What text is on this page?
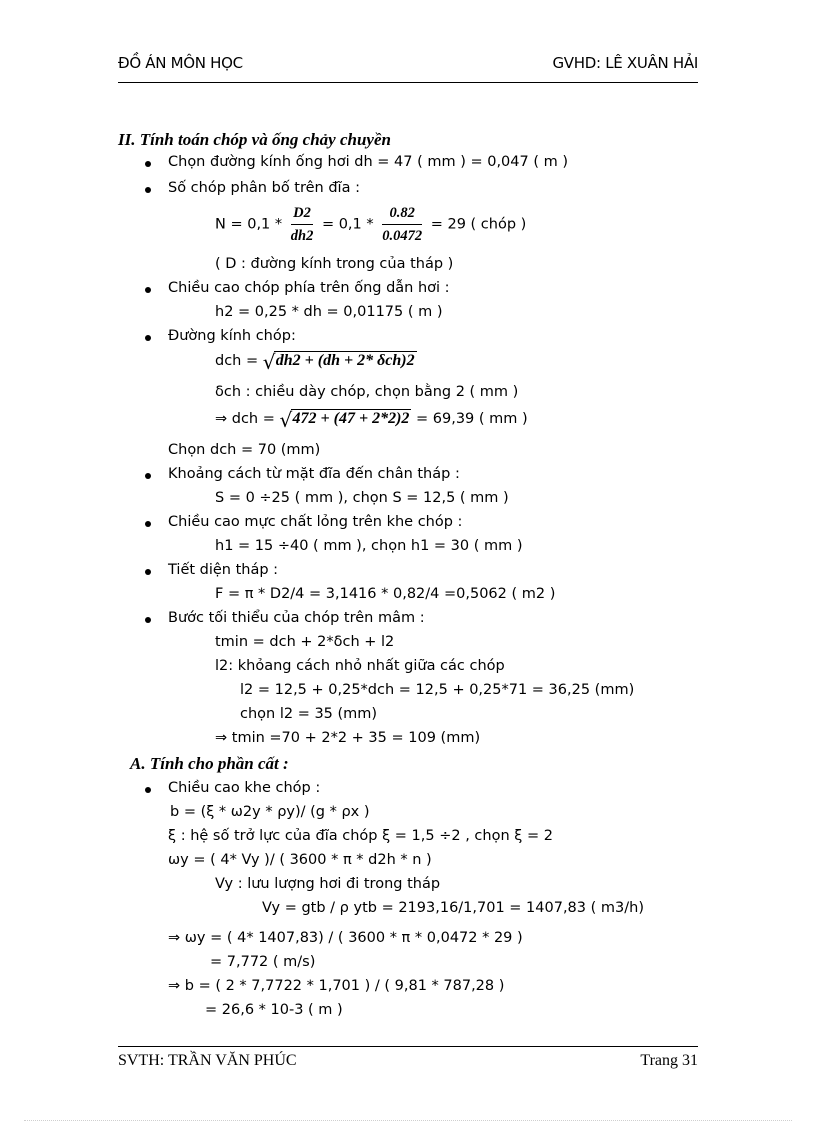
ĐỒ ÁN MÔN HỌC	GVHD: LÊ XUÂN HẢI
II. Tính toán chóp và ống chảy chuyền
Chọn đường kính ống hơi dh = 47 ( mm ) = 0,047 ( m )
Số chóp phân bố trên đĩa :
$N = 0,1 * \frac{D2}{dh2} = 0,1 * \frac{0.82}{0.0472} = 29$ ( chóp )
( D : đường kính trong của tháp )
Chiều cao chóp phía trên ống dẫn hơi :
h2 = 0,25 * dh = 0,01175 ( m )
Đường kính chóp:
dch = √ dh2 + (dh + 2* δch)2
δch : chiều dày chóp, chọn bằng 2 ( mm )
⇒ dch = √ 472 + (47 + 2*2)2 = 69,39 ( mm )
Chọn dch = 70 (mm)
Khoảng cách từ mặt đĩa đến chân tháp :
S = 0 ÷25 ( mm ), chọn S = 12,5 ( mm )
Chiều cao mực chất lỏng trên khe chóp :
h1 = 15 ÷40 ( mm ), chọn h1 = 30 ( mm )
Tiết diện tháp :
F = π * D2/4 = 3,1416 * 0,82/4 =0,5062 ( m2 )
Bước tối thiểu của chóp trên mâm :
tmin = dch + 2*δch + l2
l2: khỏang cách nhỏ nhất giữa các chóp
l2 = 12,5 + 0,25*dch = 12,5 + 0,25*71 = 36,25 (mm)
chọn l2 = 35 (mm)
⇒ tmin =70 + 2*2 + 35 = 109 (mm)
A. Tính cho phần cất :
Chiều cao khe chóp :
b = (ξ * ω2y * ρy)/ (g * ρx )
ξ : hệ số trở lực của đĩa chóp ξ = 1,5 ÷2 , chọn ξ = 2
ωy = ( 4* Vy )/ ( 3600 * π * d2h * n )
Vy : lưu lượng hơi đi trong tháp
Vy = gtb / ρ ytb = 2193,16/1,701 = 1407,83 ( m3/h)
⇒ ωy = ( 4* 1407,83) / ( 3600 * π * 0,0472 * 29 )
= 7,772 ( m/s)
⇒ b = ( 2 * 7,7722 * 1,701 ) / ( 9,81 * 787,28 )
= 26,6 * 10-3 ( m )
SVTH: TRẦN VĂN PHÚC	Trang 31
